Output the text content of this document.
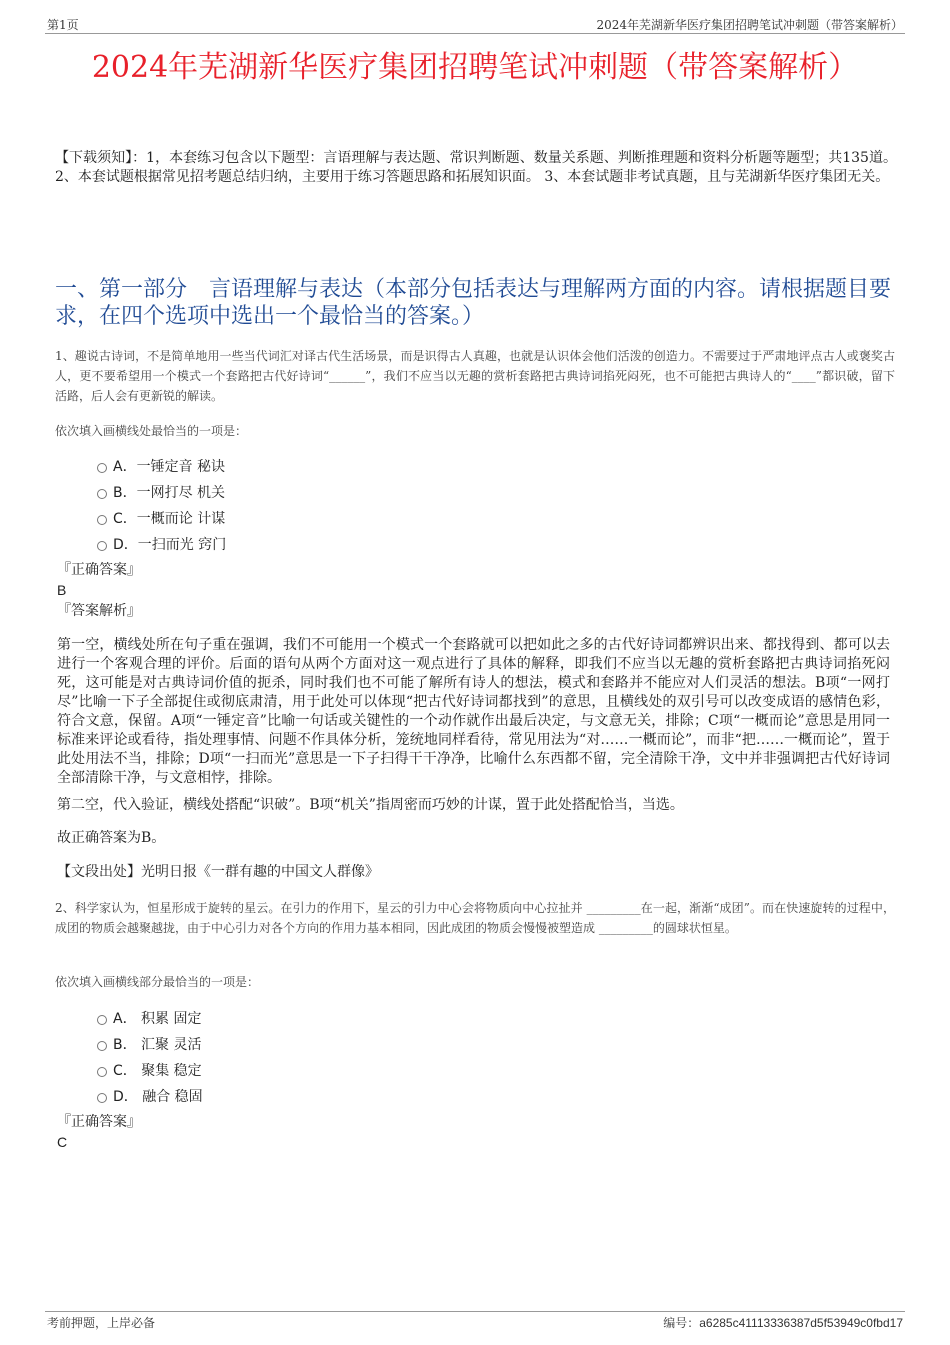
第1页	2024年芜湖新华医疗集团招聘笔试冲刺题（带答案解析）
2024年芜湖新华医疗集团招聘笔试冲刺题（带答案解析）
【下载须知】：1，本套练习包含以下题型：言语理解与表达题、常识判断题、数量关系题、判断推理题和资料分析题等题型；共135道。 2、本套试题根据常见招考题总结归纳，主要用于练习答题思路和拓展知识面。 3、本套试题非考试真题，且与芜湖新华医疗集团无关。
一、第一部分　言语理解与表达（本部分包括表达与理解两方面的内容。请根据题目要求，在四个选项中选出一个最恰当的答案。）
1、趣说古诗词，不是简单地用一些当代词汇对译古代生活场景，而是识得古人真趣，也就是认识体会他们活泼的创造力。不需要过于严肃地评点古人或褒奖古人，更不要希望用一个模式一个套路把古代好诗词“______”，我们不应当以无趣的赏析套路把古典诗词掐死闷死，也不可能把古典诗人的“____”都识破，留下活路，后人会有更新锐的解读。
依次填入画横线处最恰当的一项是：
A．一锤定音 秘诀
B．一网打尽 机关
C．一概而论 计谋
D．一扫而光 窍门
『正确答案』
B
『答案解析』
第一空，横线处所在句子重在强调，我们不可能用一个模式一个套路就可以把如此之多的古代好诗词都辨识出来、都找得到、都可以去进行一个客观合理的评价。后面的语句从两个方面对这一观点进行了具体的解释，即我们不应当以无趣的赏析套路把古典诗词掐死闷死，这可能是对古典诗词价值的扼杀，同时我们也不可能了解所有诗人的想法，模式和套路并不能应对人们灵活的想法。B项“一网打尽”比喻一下子全部捉住或彻底肃清，用于此处可以体现“把古代好诗词都找到”的意思，且横线处的双引号可以改变成语的感情色彩，符合文意，保留。A项“一锤定音”比喻一句话或关键性的一个动作就作出最后决定，与文意无关，排除；C项“一概而论”意思是用同一标准来评论或看待，指处理事情、问题不作具体分析，笼统地同样看待，常见用法为“对……一概而论”，而非“把……一概而论”，置于此处用法不当，排除；D项“一扫而光”意思是一下子扫得干干净净，比喻什么东西都不留，完全清除干净，文中并非强调把古代好诗词全部清除干净，与文意相悖，排除。
第二空，代入验证，横线处搭配“识破”。B项“机关”指周密而巧妙的计谋，置于此处搭配恰当，当选。
故正确答案为B。
【文段出处】光明日报《一群有趣的中国文人群像》
2、科学家认为，恒星形成于旋转的星云。在引力的作用下，星云的引力中心会将物质向中心拉扯并 _________在一起，渐渐“成团”。而在快速旋转的过程中，成团的物质会越聚越拢，由于中心引力对各个方向的作用力基本相同，因此成团的物质会慢慢被塑造成 _________的圆球状恒星。
依次填入画横线部分最恰当的一项是：
A． 积累 固定
B． 汇聚 灵活
C． 聚集 稳定
D． 融合 稳固
『正确答案』
C
考前押题，上岸必备	编号：a6285c41113336387d5f53949c0fbd17
